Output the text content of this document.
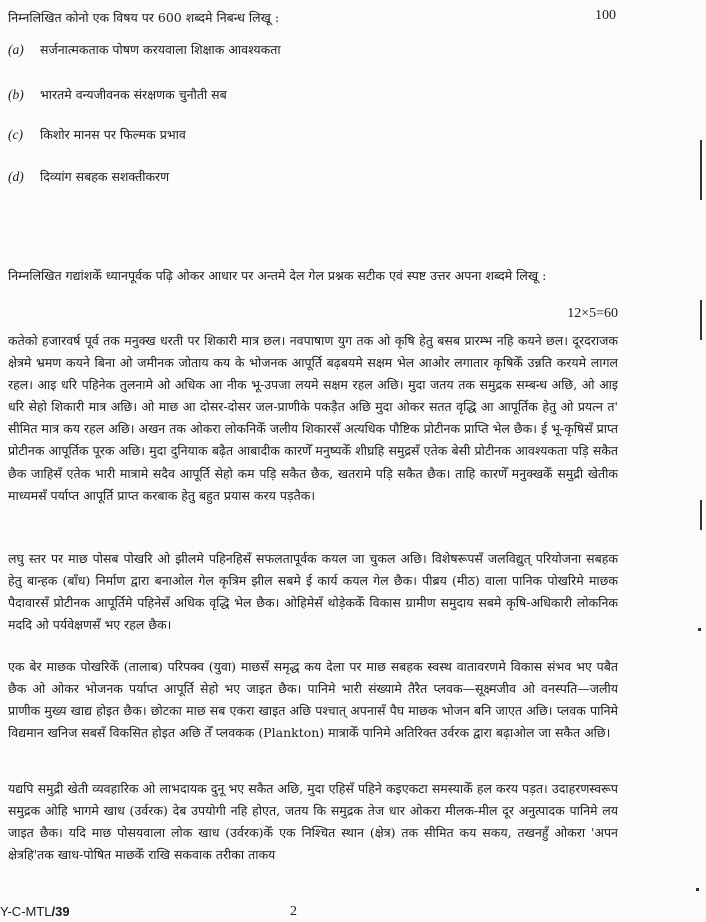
निम्नलिखित कोनो एक विषय पर 600 शब्दमे निबन्ध लिखू :	100
(a) सर्जनात्मकताक पोषण करयवाला शिक्षाक आवश्यकता
(b) भारतमे वन्यजीवनक संरक्षणक चुनौती सब
(c) किशोर मानस पर फिल्मक प्रभाव
(d) दिव्यांग सबहक सशक्तीकरण
निम्नलिखित गद्यांशकेँ ध्यानपूर्वक पढ़ि ओकर आधार पर अन्तमे देल गेल प्रश्नक सटीक एवं स्पष्ट उत्तर अपना शब्दमे लिखू :
12×5=60
कतेको हजारवर्ष पूर्व तक मनुक्ख धरती पर शिकारी मात्र छल। नवपाषाण युग तक ओ कृषि हेतु बसब प्रारम्भ नहि कयने छल। दूरदराजक क्षेत्रमे भ्रमण कयने बिना ओ जमीनक जोताय कय के भोजनक आपूर्ति बढ़बयमे सक्षम भेल आओर लगातार कृषिकेँ उन्नति करयमे लागल रहल। आइ धरि पहिनेक तुलनामे ओ अधिक आ नीक भू-उपजा लयमे सक्षम रहल अछि। मुदा जतय तक समुद्रक सम्बन्ध अछि, ओ आइ धरि सेहो शिकारी मात्र अछि। ओ माछ आ दोसर-दोसर जल-प्राणीके पकड़ैत अछि मुदा ओकर सतत वृद्धि आ आपूर्तिक हेतु ओ प्रयत्न त' सीमित मात्र कय रहल अछि। अखन तक ओकरा लोकनिकेँ जलीय शिकारसँ अत्यधिक पौष्टिक प्रोटीनक प्राप्ति भेल छैक। ई भू-कृषिसँ प्राप्त प्रोटीनक आपूर्तिक पूरक अछि। मुदा दुनियाक बढ़ैत आबादीक कारणेँ मनुष्यकेँ शीघ्रहि समुद्रसँ एतेक बेसी प्रोटीनक आवश्यकता पड़ि सकैत छैक जाहिसँ एतेक भारी मात्रामे सदैव आपूर्ति सेहो कम पड़ि सकैत छैक, खतरामे पड़ि सकैत छैक। ताहि कारणेँ मनुक्खकेँ समुद्री खेतीक माध्यमसँ पर्याप्त आपूर्ति प्राप्त करबाक हेतु बहुत प्रयास करय पड़तैक।
लघु स्तर पर माछ पोसब पोखरि ओ झीलमे पहिनहिसँ सफलतापूर्वक कयल जा चुकल अछि। विशेषरूपसँ जलविद्युत् परियोजना सबहक हेतु बान्हक (बाँध) निर्माण द्वारा बनाओल गेल कृत्रिम झील सबमे ई कार्य कयल गेल छैक। पीब्रय (मीठ) वाला पानिक पोखरिमे माछक पैदावारसँ प्रोटीनक आपूर्तिमे पहिनेसँ अधिक वृद्धि भेल छैक। ओहिमेसँ थोड़ेककेँ विकास ग्रामीण समुदाय सबमे कृषि-अधिकारी लोकनिक मददि ओ पर्यवेक्षणसँ भए रहल छैक।
एक बेर माछक पोखरिकेँ (तालाब) परिपक्व (युवा) माछसँ समृद्ध कय देला पर माछ सबहक स्वस्थ वातावरणमे विकास संभव भए पबैत छैक ओ ओकर भोजनक पर्याप्त आपूर्ति सेहो भए जाइत छैक। पानिमे भारी संख्यामे तैरैत प्लवक—सूक्ष्मजीव ओ वनस्पति—जलीय प्राणीक मुख्य खाद्य होइत छैक। छोटका माछ सब एकरा खाइत अछि पश्चात् अपनासँ पैघ माछक भोजन बनि जाएत अछि। प्लवक पानिमे विद्यमान खनिज सबसँ विकसित होइत अछि तेँ प्लवकक (Plankton) मात्राकेँ पानिमे अतिरिक्त उर्वरक द्वारा बढ़ाओल जा सकैत अछि।
यद्यपि समुद्री खेती व्यवहारिक ओ लाभदायक दुनू भए सकैत अछि, मुदा एहिसँ पहिने कइएकटा समस्याकेँ हल करय पड़त। उदाहरणस्वरूप समुद्रक ओहि भागमे खाध (उर्वरक) देब उपयोगी नहि होएत, जतय कि समुद्रक तेज धार ओकरा मीलक-मील दूर अनुत्पादक पानिमे लय जाइत छैक। यदि माछ पोसयवाला लोक खाध (उर्वरक)केँ एक निश्चित स्थान (क्षेत्र) तक सीमित कय सकय, तखनहुँ ओकरा 'अपन क्षेत्रहि'तक खाध-पोषित माछकेँ राखि सकवाक तरीका ताकय
Y-C-MTL/39	2
